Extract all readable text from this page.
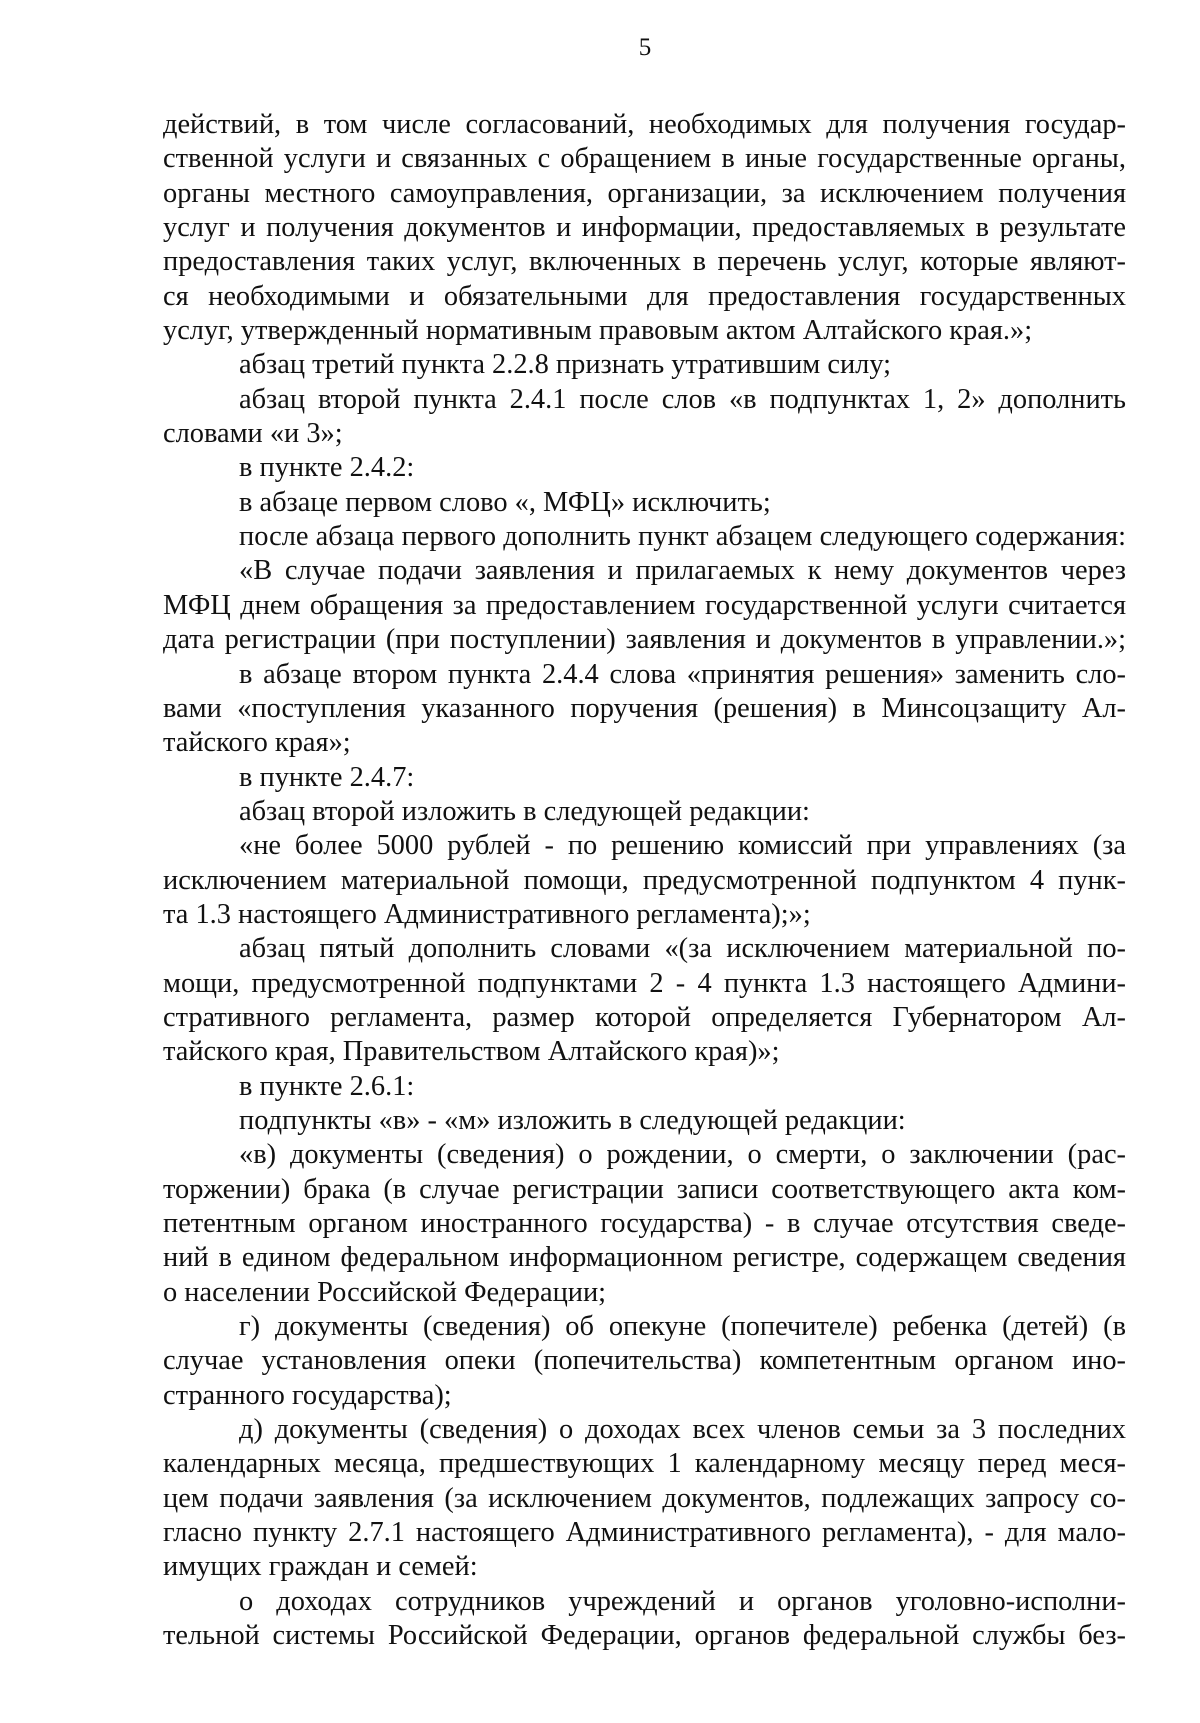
5
действий, в том числе согласований, необходимых для получения государ-
ственной услуги и связанных с обращением в иные государственные органы,
органы местного самоуправления, организации, за исключением получения
услуг и получения документов и информации, предоставляемых в результате
предоставления таких услуг, включенных в перечень услуг, которые являют-
ся необходимыми и обязательными для предоставления государственных
услуг, утвержденный нормативным правовым актом Алтайского края.»;
абзац третий пункта 2.2.8 признать утратившим силу;
абзац второй пункта 2.4.1 после слов «в подпунктах 1, 2» дополнить
словами «и 3»;
в пункте 2.4.2:
в абзаце первом слово «, МФЦ» исключить;
после абзаца первого дополнить пункт абзацем следующего содержания:
«В случае подачи заявления и прилагаемых к нему документов через
МФЦ днем обращения за предоставлением государственной услуги считается
дата регистрации (при поступлении) заявления и документов в управлении.»;
в абзаце втором пункта 2.4.4 слова «принятия решения» заменить сло-
вами «поступления указанного поручения (решения) в Минсоцзащиту Ал-
тайского края»;
в пункте 2.4.7:
абзац второй изложить в следующей редакции:
«не более 5000 рублей - по решению комиссий при управлениях (за
исключением материальной помощи, предусмотренной подпунктом 4 пунк-
та 1.3 настоящего Административного регламента);»;
абзац пятый дополнить словами «(за исключением материальной по-
мощи, предусмотренной подпунктами 2 - 4 пункта 1.3 настоящего Админи-
стративного регламента, размер которой определяется Губернатором Ал-
тайского края, Правительством Алтайского края)»;
в пункте 2.6.1:
подпункты «в» - «м» изложить в следующей редакции:
«в) документы (сведения) о рождении, о смерти, о заключении (рас-
торжении) брака (в случае регистрации записи соответствующего акта ком-
петентным органом иностранного государства) - в случае отсутствия сведе-
ний в едином федеральном информационном регистре, содержащем сведения
о населении Российской Федерации;
г) документы (сведения) об опекуне (попечителе) ребенка (детей) (в
случае установления опеки (попечительства) компетентным органом ино-
странного государства);
д) документы (сведения) о доходах всех членов семьи за 3 последних
календарных месяца, предшествующих 1 календарному месяцу перед меся-
цем подачи заявления (за исключением документов, подлежащих запросу со-
гласно пункту 2.7.1 настоящего Административного регламента), - для мало-
имущих граждан и семей:
о доходах сотрудников учреждений и органов уголовно-исполни-
тельной системы Российской Федерации, органов федеральной службы без-
